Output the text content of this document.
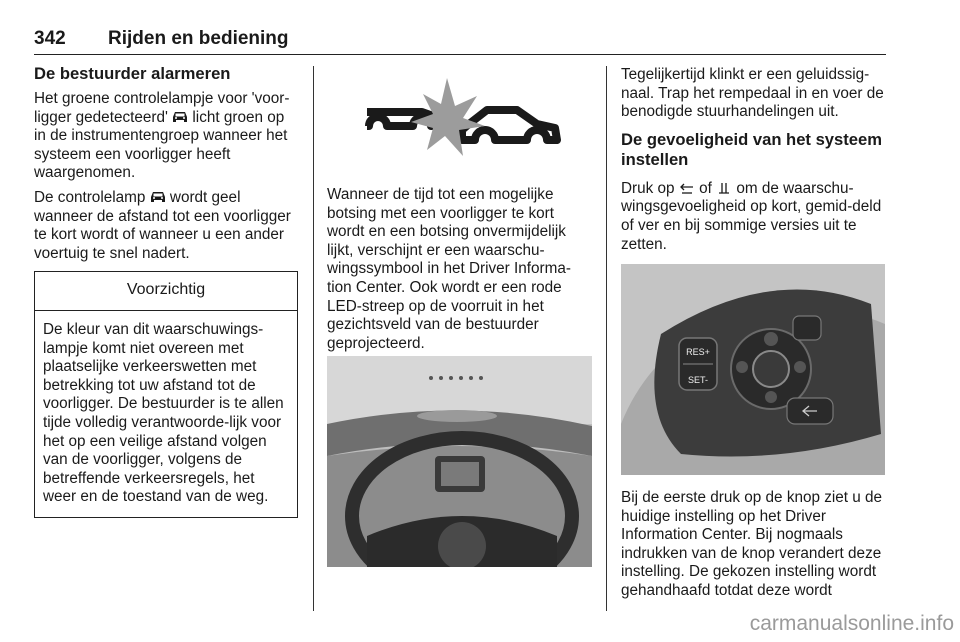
342 Rijden en bediening
De bestuurder alarmeren

Het groene controlelampje voor 'voor-ligger gedetecteerd' licht groen op in de instrumentengroep wanneer het systeem een voorligger heeft waargenomen.

De controlelamp wordt geel wanneer de afstand tot een voorligger te kort wordt of wanneer u een ander voertuig te snel nadert.

Voorzichtig
De kleur van dit waarschuwings-lampje komt niet overeen met plaatselijke verkeerswetten met betrekking tot uw afstand tot de voorligger. De bestuurder is te allen tijde volledig verantwoorde-lijk voor het op een veilige afstand volgen van de voorligger, volgens de betreffende verkeersregels, het weer en de toestand van de weg.

Wanneer de tijd tot een mogelijke botsing met een voorligger te kort wordt en een botsing onvermijdelijk lijkt, verschijnt er een waarschu-wingssymbool in het Driver Informa-tion Center. Ook wordt er een rode LED-streep op de voorruit in het gezichtsveld van de bestuurder geprojecteerd.

Tegelijkertijd klinkt er een geluidssig-naal. Trap het rempedaal in en voer de benodigde stuurhandelingen uit.

De gevoeligheid van het systeem instellen

Druk op of om de waarschu-wingsgevoeligheid op kort, gemid-deld of ver en bij sommige versies uit te zetten.

RES+
SET-

Bij de eerste druk op de knop ziet u de huidige instelling op het Driver Information Center. Bij nogmaals indrukken van de knop verandert deze instelling. De gekozen instelling wordt gehandhaafd totdat deze wordt

carmanualsonline.info
